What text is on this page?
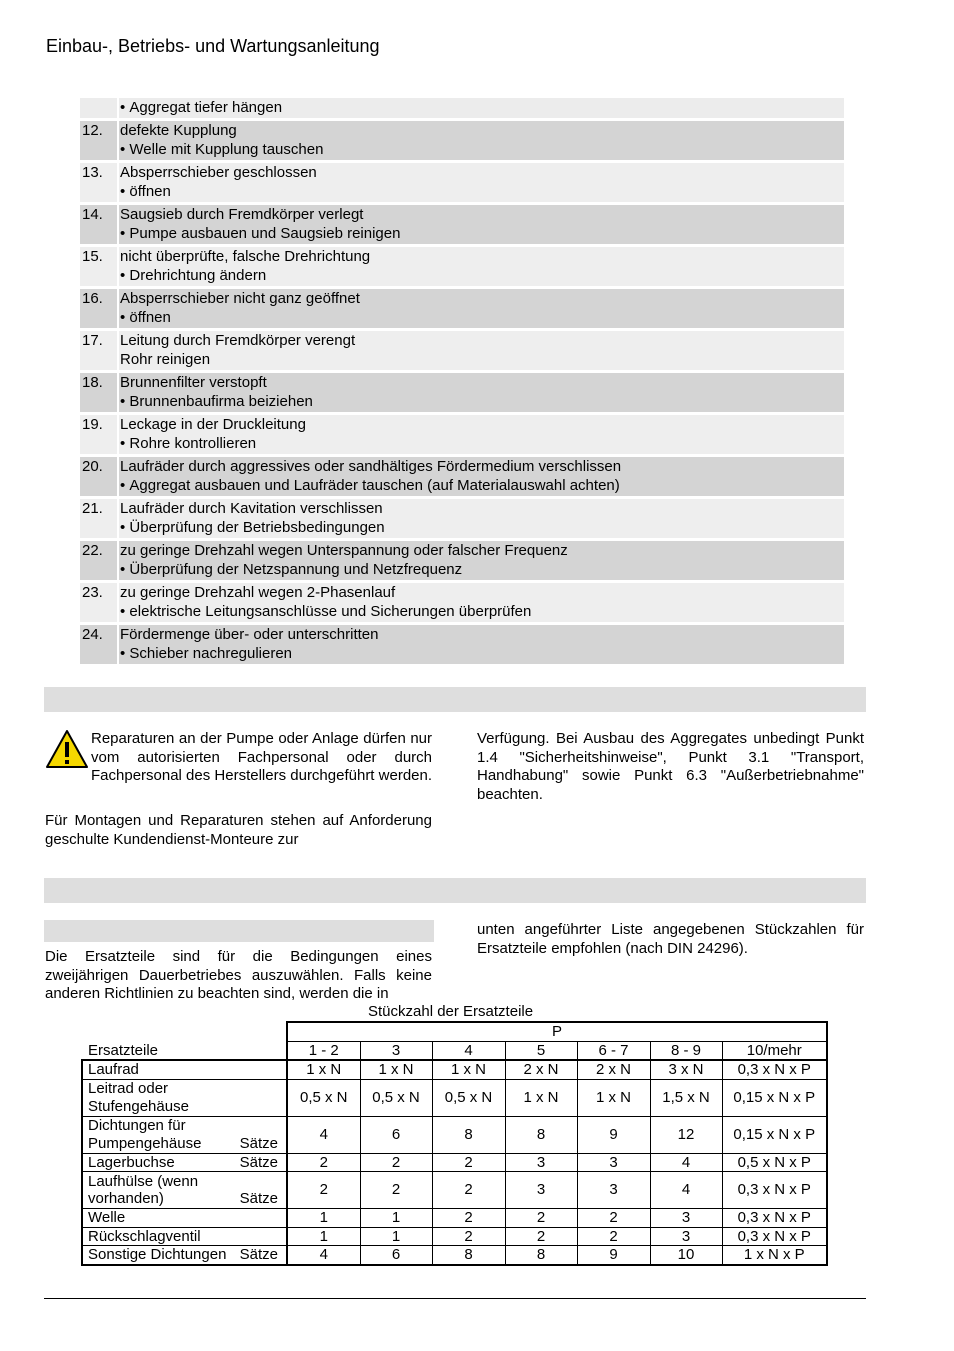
Einbau-, Betriebs- und Wartungsanleitung
• Aggregat tiefer hängen
12.	defekte Kupplung
• Welle mit Kupplung tauschen
13.	Absperrschieber geschlossen
• öffnen
14.	Saugsieb durch Fremdkörper verlegt
• Pumpe ausbauen und Saugsieb reinigen
15.	nicht überprüfte, falsche Drehrichtung
• Drehrichtung ändern
16.	Absperrschieber nicht ganz geöffnet
• öffnen
17.	Leitung durch Fremdkörper verengt
Rohr reinigen
18.	Brunnenfilter verstopft
• Brunnenbaufirma beiziehen
19.	Leckage in der Druckleitung
• Rohre kontrollieren
20.	Laufräder durch aggressives oder sandhältiges Fördermedium verschlissen
• Aggregat ausbauen und Laufräder tauschen (auf Materialauswahl achten)
21.	Laufräder durch Kavitation verschlissen
• Überprüfung der Betriebsbedingungen
22.	zu geringe Drehzahl wegen Unterspannung oder falscher Frequenz
• Überprüfung der Netzspannung und Netzfrequenz
23.	zu geringe Drehzahl wegen 2-Phasenlauf
• elektrische Leitungsanschlüsse und Sicherungen überprüfen
24.	Fördermenge über- oder unterschritten
• Schieber nachregulieren

Reparaturen an der Pumpe oder Anlage dürfen nur vom autorisierten Fachpersonal oder durch Fachpersonal des Herstellers durchgeführt werden.

Für Montagen und Reparaturen stehen auf Anforderung geschulte Kundendienst-Monteure zur

Verfügung. Bei Ausbau des Aggregates unbedingt Punkt 1.4 "Sicherheitshinweise", Punkt 3.1 "Transport, Handhabung" sowie Punkt 6.3 "Außerbetriebnahme" beachten.

Die Ersatzteile sind für die Bedingungen eines zweijährigen Dauerbetriebes auszuwählen. Falls keine anderen Richtlinien zu beachten sind, werden die in

unten angeführter Liste angegebenen Stückzahlen für Ersatzteile empfohlen (nach DIN 24296).

Stückzahl der Ersatzteile
Ersatzteile	P						
	1 - 2	3	4	5	6 - 7	8 - 9	10/mehr

Laufrad	1 x N	1 x N	1 x N	2 x N	2 x N	3 x N	0,3 x N x P

Leitrad oder
Stufengehäuse	0,5 x N	0,5 x N	0,5 x N	1 x N	1 x N	1,5 x N	0,15 x N x P

Dichtungen für
Pumpengehäuse Sätze	4	6	8	8	9	12	0,15 x N x P

Lagerbuchse Sätze	2	2	2	3	3	4	0,5 x N x P

Laufhülse (wenn
vorhanden) Sätze	2	2	2	3	3	4	0,3 x N x P

Welle	1	1	2	2	2	3	0,3 x N x P

Rückschlagventil	1	1	2	2	2	3	0,3 x N x P

Sonstige Dichtungen Sätze	4	6	8	8	9	10	1 x N x P
